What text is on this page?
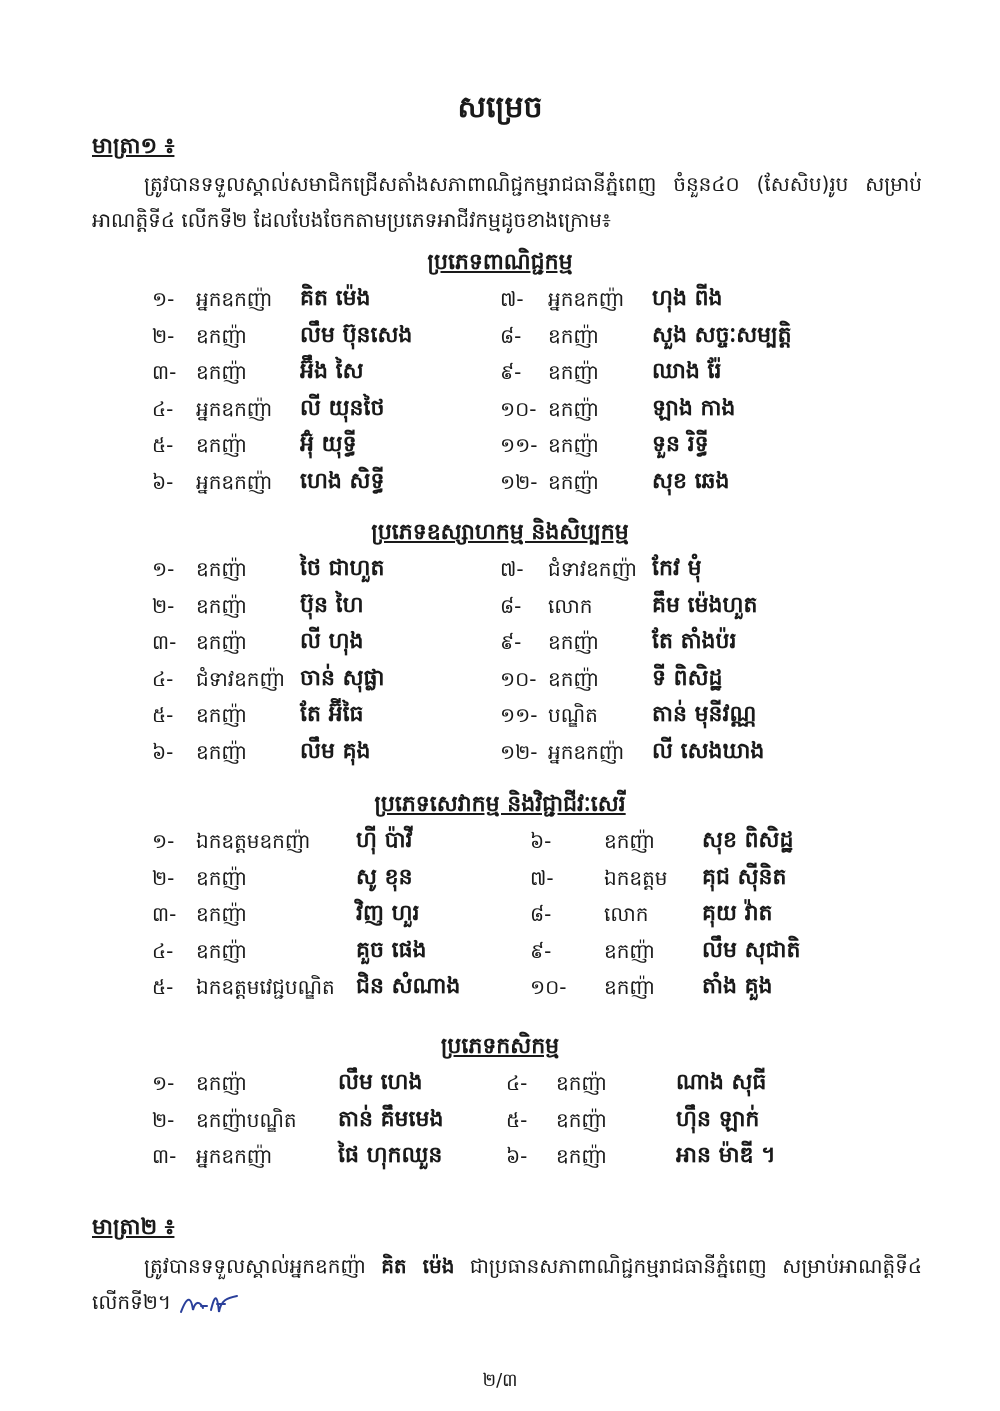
សម្រេច
មាត្រា១ ៖

ត្រូវបានទទួលស្គាល់សមាជិកជ្រើសតាំងសភាពាណិជ្ជកម្មរាជធានីភ្នំពេញ ចំនួន៤០ (សែសិប)រូប សម្រាប់អាណត្តិទី៤ លើកទី២ ដែលបែងចែកតាមប្រភេទអាជីវកម្មដូចខាងក្រោម៖

ប្រភេទពាណិជ្ជកម្ម
១- អ្នកឧកញ៉ា គិត ម៉េង
២- ឧកញ៉ា លឹម ប៊ុនសេង
៣- ឧកញ៉ា អ៊ឹង សៃ
៤- អ្នកឧកញ៉ា លី យុនថៃ
៥- ឧកញ៉ា អ៊ុំ យុទ្ធី
៦- អ្នកឧកញ៉ា ហេង សិទ្ធី
៧- អ្នកឧកញ៉ា ហុង ពីង
៨- ឧកញ៉ា សួង សច្ចៈសម្បត្តិ
៩- ឧកញ៉ា ឈាង រ៉ែ
១០- ឧកញ៉ា ឡាង កាង
១១- ឧកញ៉ា ទួន រិទ្ធី
១២- ឧកញ៉ា សុខ ឆេង
ប្រភេទឧស្សាហកម្ម និងសិប្បកម្ម
១- ឧកញ៉ា ថៃ ជាហួត
២- ឧកញ៉ា ប៊ុន ហៃ
៣- ឧកញ៉ា លី ហុង
៤- ជំទាវឧកញ៉ា ចាន់ សុផ្លា
៥- ឧកញ៉ា តែ អ៊ីធៃ
៦- ឧកញ៉ា លឹម គុង
៧- ជំទាវឧកញ៉ា កែវ មុំ
៨- លោក	គឹម ម៉េងហួត
៩- ឧកញ៉ា តែ តាំងប៉រ
១០- ឧកញ៉ា ទី ពិសិដ្ឋ
១១- បណ្ឌិត តាន់ មុនីវណ្ណ
១២- អ្នកឧកញ៉ា លី សេងឃាង
ប្រភេទសេវាកម្ម និងវិជ្ជាជីវៈសេរី
១- ឯកឧត្តមឧកញ៉ា ហ៊ី ប៉ាវី
២- ឧកញ៉ា	សូ ខុន
៣- ឧកញ៉ា	វិញ ហួរ
៤- ឧកញ៉ា	គួច ផេង
៥- ឯកឧត្តមវេជ្ជបណ្ឌិត ជិន សំណាង
៦-	ឧកញ៉ា សុខ ពិសិដ្ឋ
៧-	ឯកឧត្តម គុជ ស៊ីនិត
៨-	លោក គុយ វ៉ាត
៩-	ឧកញ៉ា លឹម សុជាតិ
១០- ឧកញ៉ា តាំង គួង
ប្រភេទកសិកម្ម
១- ឧកញ៉ា	លឹម ហេង
២- ឧកញ៉ាបណ្ឌិត តាន់ គឹមមេង
៣- អ្នកឧកញ៉ា	ផៃ ហុកឈួន
៤- ឧកញ៉ា	ណាង សុធី
៥- ឧកញ៉ា	ហ៊ឹន ឡាក់
៦- ឧកញ៉ា	អាន ម៉ាឌី ។
មាត្រា២ ៖

ត្រូវបានទទួលស្គាល់អ្នកឧកញ៉ា គិត ម៉េង ជាប្រធានសភាពាណិជ្ជកម្មរាជធានីភ្នំពេញ សម្រាប់អាណត្តិទី៤ លើកទី២។

២/៣
